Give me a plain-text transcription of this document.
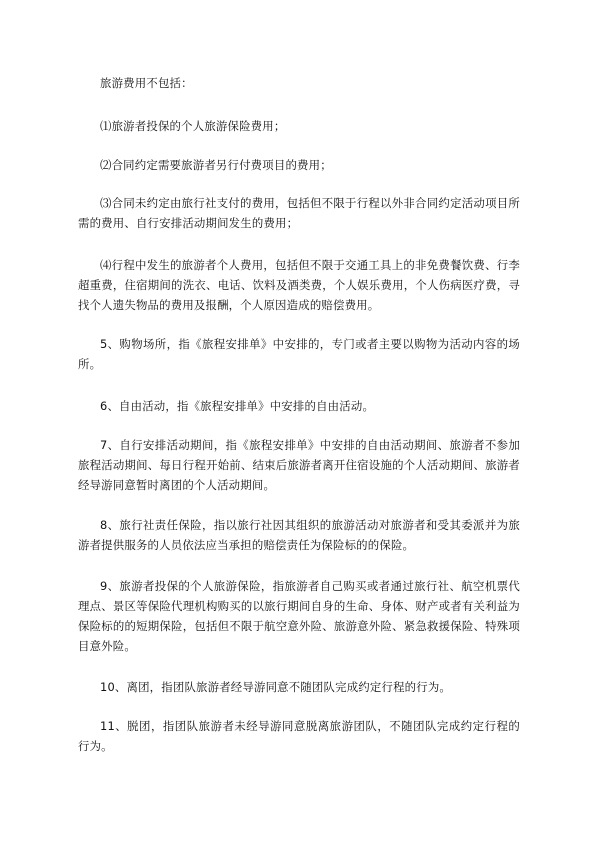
旅游费用不包括：

⑴旅游者投保的个人旅游保险费用；

⑵合同约定需要旅游者另行付费项目的费用；

⑶合同未约定由旅行社支付的费用，包括但不限于行程以外非合同约定活动项目所需的费用、自行安排活动期间发生的费用；

⑷行程中发生的旅游者个人费用，包括但不限于交通工具上的非免费餐饮费、行李超重费，住宿期间的洗衣、电话、饮料及酒类费，个人娱乐费用，个人伤病医疗费，寻找个人遗失物品的费用及报酬，个人原因造成的赔偿费用。

5、购物场所，指《旅程安排单》中安排的，专门或者主要以购物为活动内容的场所。

6、自由活动，指《旅程安排单》中安排的自由活动。

7、自行安排活动期间，指《旅程安排单》中安排的自由活动期间、旅游者不参加旅程活动期间、每日行程开始前、结束后旅游者离开住宿设施的个人活动期间、旅游者经导游同意暂时离团的个人活动期间。

8、旅行社责任保险，指以旅行社因其组织的旅游活动对旅游者和受其委派并为旅游者提供服务的人员依法应当承担的赔偿责任为保险标的的保险。

9、旅游者投保的个人旅游保险，指旅游者自己购买或者通过旅行社、航空机票代理点、景区等保险代理机构购买的以旅行期间自身的生命、身体、财产或者有关利益为保险标的的短期保险，包括但不限于航空意外险、旅游意外险、紧急救援保险、特殊项目意外险。

10、离团，指团队旅游者经导游同意不随团队完成约定行程的行为。

11、脱团，指团队旅游者未经导游同意脱离旅游团队，不随团队完成约定行程的行为。
